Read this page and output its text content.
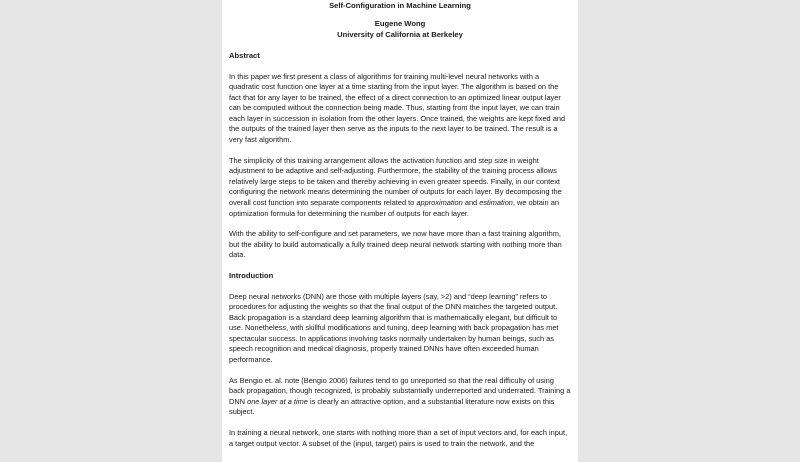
Self-Configuration in Machine Learning

Eugene Wong

University of California at Berkeley

Abstract

In this paper we first present a class of algorithms for training multi-level neural networks with a quadratic cost function one layer at a time starting from the input layer. The algorithm is based on the fact that for any layer to be trained, the effect of a direct connection to an optimized linear output layer can be computed without the connection being made. Thus, starting from the input layer, we can train each layer in succession in isolation from the other layers. Once trained, the weights are kept fixed and the outputs of the trained layer then serve as the inputs to the next layer to be trained. The result is a very fast algorithm.

The simplicity of this training arrangement allows the activation function and step size in weight adjustment to be adaptive and self-adjusting. Furthermore, the stability of the training process allows relatively large steps to be taken and thereby achieving in even greater speeds. Finally, in our context configuring the network means determining the number of outputs for each layer. By decomposing the overall cost function into separate components related to approximation and estimation, we obtain an optimization formula for determining the number of outputs for each layer.

With the ability to self-configure and set parameters, we now have more than a fast training algorithm, but the ability to build automatically a fully trained deep neural network starting with nothing more than data.

Introduction

Deep neural networks (DNN) are those with multiple layers (say, >2) and “deep learning” refers to procedures for adjusting the weights so that the final output of the DNN matches the targeted output. Back propagation is a standard deep learning algorithm that is mathematically elegant, but difficult to use. Nonetheless, with skillful modifications and tuning, deep learning with back propagation has met spectacular success. In applications involving tasks normally undertaken by human beings, such as speech recognition and medical diagnosis, properly trained DNNs have often exceeded human performance.

As Bengio et. al. note (Bengio 2006) failures tend to go unreported so that the real difficulty of using back propagation, though recognized, is probably substantially underreported and underrated. Training a DNN one layer at a time is clearly an attractive option, and a substantial literature now exists on this subject.

In training a neural network, one starts with nothing more than a set of input vectors and, for each input, a target output vector. A subset of the (input, target) pairs is used to train the network, and the
